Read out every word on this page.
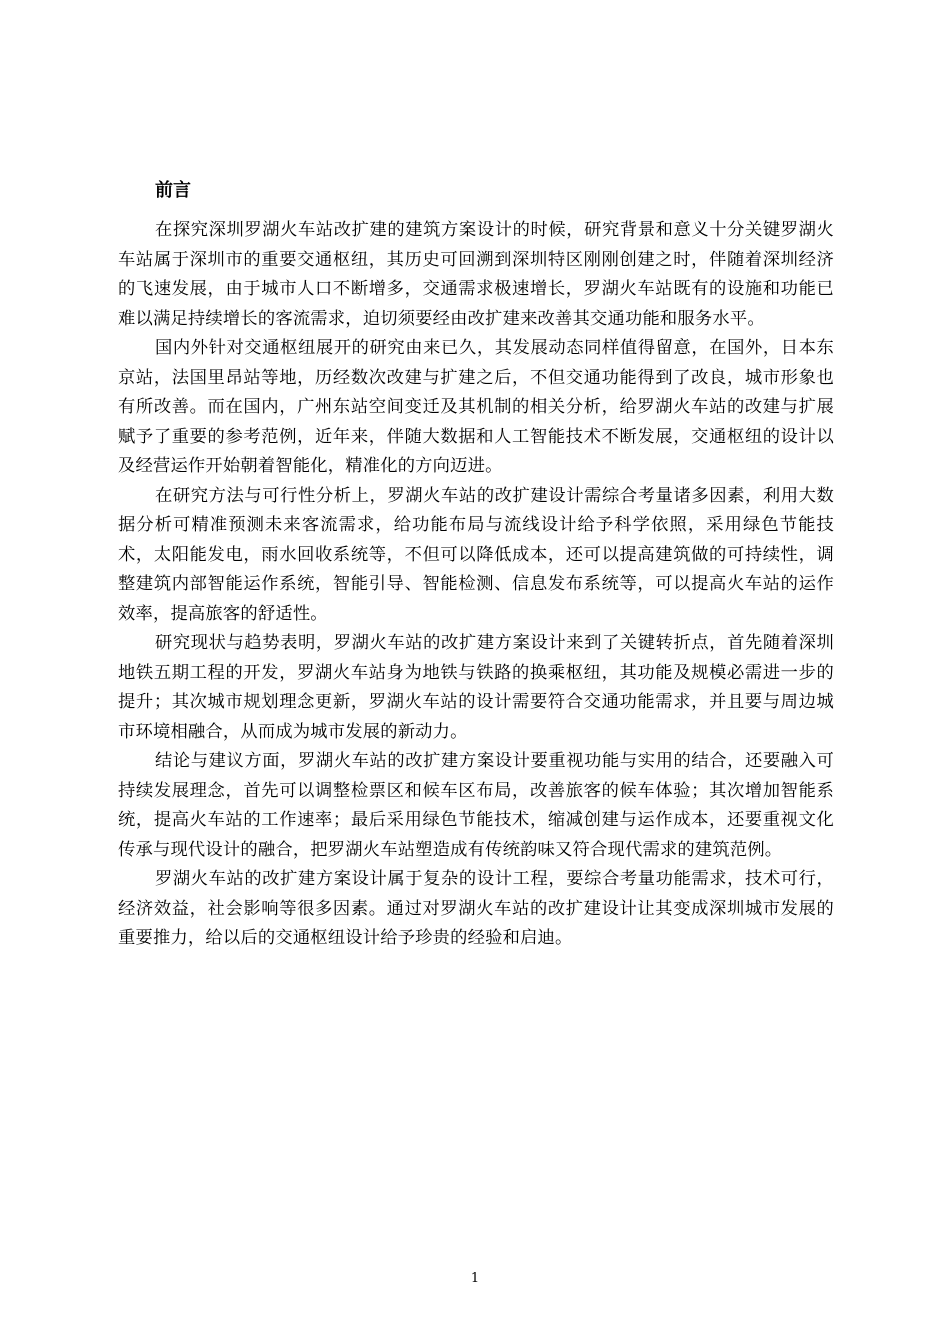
前言

在探究深圳罗湖火车站改扩建的建筑方案设计的时候，研究背景和意义十分关键罗湖火车站属于深圳市的重要交通枢纽，其历史可回溯到深圳特区刚刚创建之时，伴随着深圳经济的飞速发展，由于城市人口不断增多，交通需求极速增长，罗湖火车站既有的设施和功能已难以满足持续增长的客流需求，迫切须要经由改扩建来改善其交通功能和服务水平。

国内外针对交通枢纽展开的研究由来已久，其发展动态同样值得留意，在国外，日本东京站，法国里昂站等地，历经数次改建与扩建之后，不但交通功能得到了改良，城市形象也有所改善。而在国内，广州东站空间变迁及其机制的相关分析，给罗湖火车站的改建与扩展赋予了重要的参考范例，近年来，伴随大数据和人工智能技术不断发展，交通枢纽的设计以及经营运作开始朝着智能化，精准化的方向迈进。

在研究方法与可行性分析上，罗湖火车站的改扩建设计需综合考量诸多因素，利用大数据分析可精准预测未来客流需求，给功能布局与流线设计给予科学依照，采用绿色节能技术，太阳能发电，雨水回收系统等，不但可以降低成本，还可以提高建筑做的可持续性，调整建筑内部智能运作系统，智能引导、智能检测、信息发布系统等，可以提高火车站的运作效率，提高旅客的舒适性。

研究现状与趋势表明，罗湖火车站的改扩建方案设计来到了关键转折点，首先随着深圳地铁五期工程的开发，罗湖火车站身为地铁与铁路的换乘枢纽，其功能及规模必需进一步的提升；其次城市规划理念更新，罗湖火车站的设计需要符合交通功能需求，并且要与周边城市环境相融合，从而成为城市发展的新动力。

结论与建议方面，罗湖火车站的改扩建方案设计要重视功能与实用的结合，还要融入可持续发展理念，首先可以调整检票区和候车区布局，改善旅客的候车体验；其次增加智能系统，提高火车站的工作速率；最后采用绿色节能技术，缩减创建与运作成本，还要重视文化传承与现代设计的融合，把罗湖火车站塑造成有传统韵味又符合现代需求的建筑范例。

罗湖火车站的改扩建方案设计属于复杂的设计工程，要综合考量功能需求，技术可行，经济效益，社会影响等很多因素。通过对罗湖火车站的改扩建设计让其变成深圳城市发展的重要推力，给以后的交通枢纽设计给予珍贵的经验和启迪。

1
